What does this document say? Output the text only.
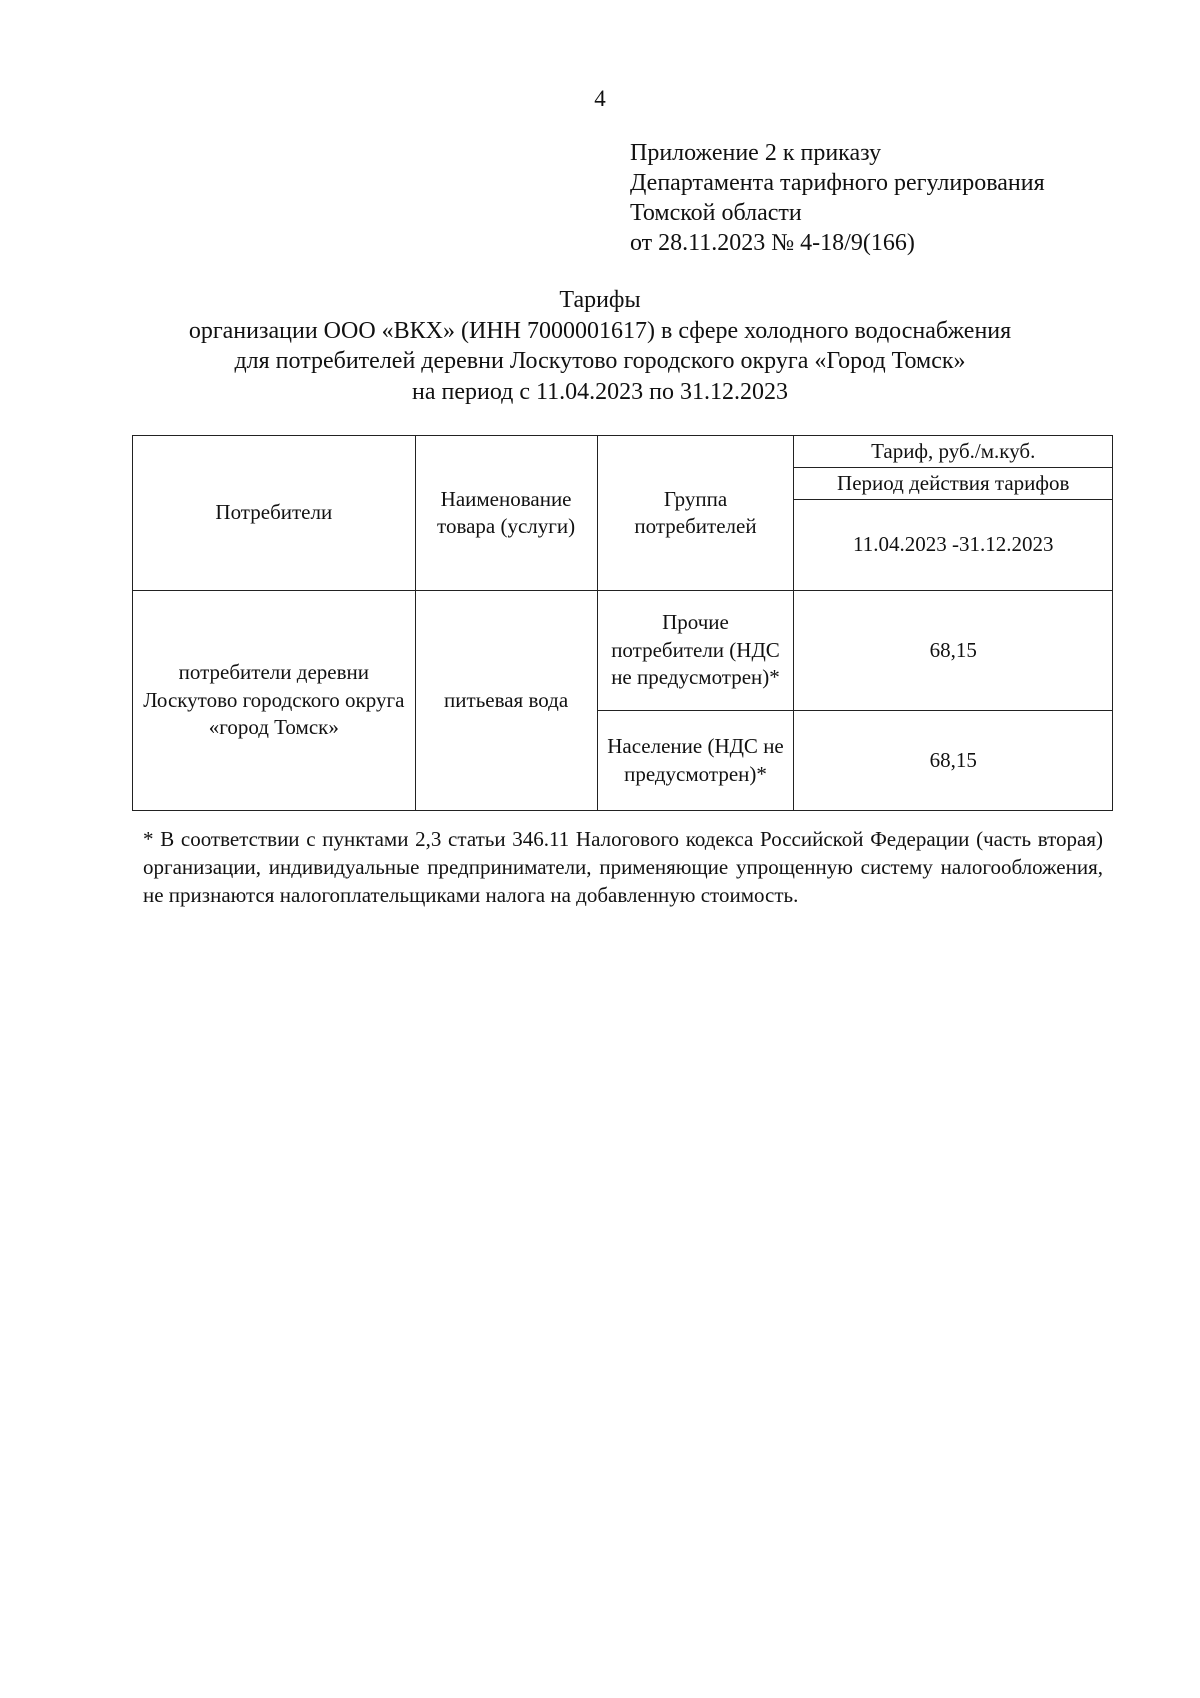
4
Приложение 2 к приказу
Департамента тарифного регулирования
Томской области
от 28.11.2023 № 4-18/9(166)
Тарифы
организации ООО «ВКХ» (ИНН 7000001617) в сфере холодного водоснабжения
для потребителей деревни Лоскутово городского округа «Город Томск»
на период с 11.04.2023 по 31.12.2023
Потребители	Наименование товара (услуги)	Группа потребителей	Тариф, руб./м.куб.
			Период действия тарифов
			11.04.2023 -31.12.2023
потребители деревни Лоскутово городского округа «город Томск»	питьевая вода	Прочие потребители (НДС не предусмотрен)*	68,15
		Население (НДС не предусмотрен)*	68,15
* В соответствии с пунктами 2,3 статьи 346.11 Налогового кодекса Российской Федерации (часть вторая) организации, индивидуальные предприниматели, применяющие упрощенную систему налогообложения, не признаются налогоплательщиками налога на добавленную стоимость.
